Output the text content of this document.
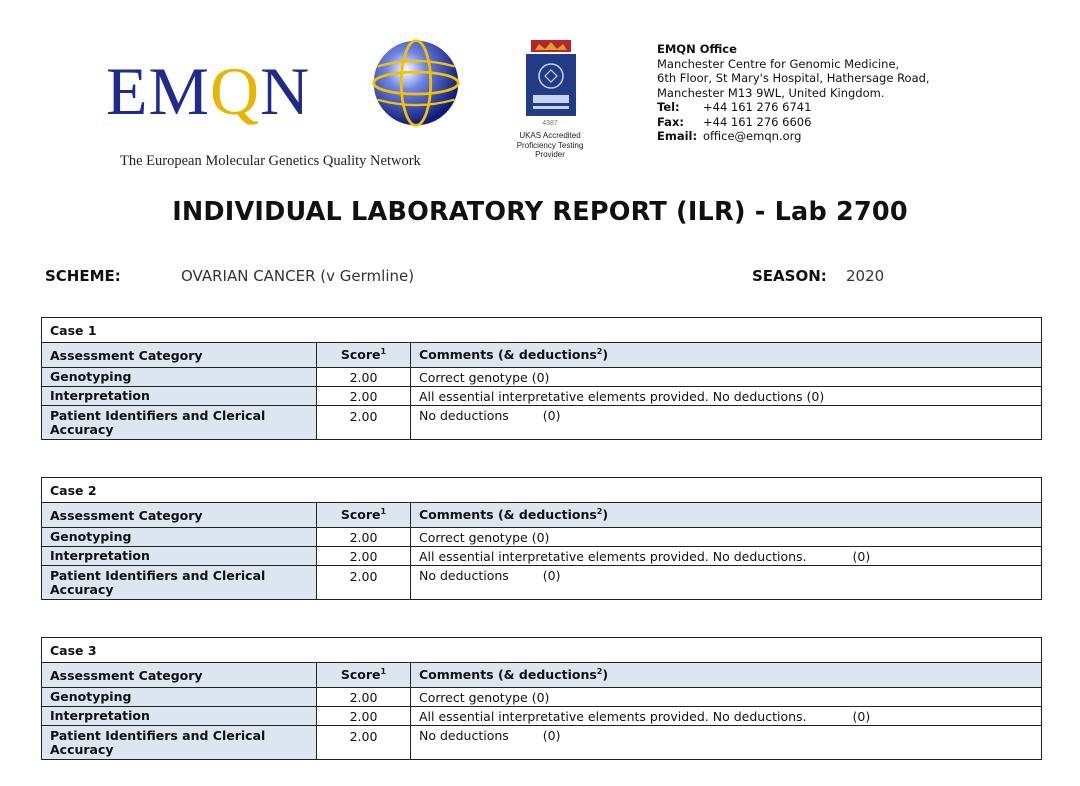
EMQN
The European Molecular Genetics Quality Network
4387
UKAS Accredited
Proficiency Testing
Provider
EMQN Office
Manchester Centre for Genomic Medicine,
6th Floor, St Mary's Hospital, Hathersage Road,
Manchester M13 9WL, United Kingdom.
Tel: +44 161 276 6741
Fax: +44 161 276 6606
Email: office@emqn.org
INDIVIDUAL LABORATORY REPORT (ILR) - Lab 2700
SCHEME:	OVARIAN CANCER (v Germline)	SEASON: 2020
Case 1		
Assessment Category	Score$^1$	Comments (& deductions$^2$)
Genotyping	2.00	Correct genotype (0)
Interpretation	2.00	All essential interpretative elements provided. No deductions (0)
Patient Identifiers and Clerical Accuracy	2.00	No deductions (0)
Case 2		
Assessment Category	Score$^1$	Comments (& deductions$^2$)
Genotyping	2.00	Correct genotype (0)
Interpretation	2.00	All essential interpretative elements provided. No deductions. (0)
Patient Identifiers and Clerical Accuracy	2.00	No deductions (0)
Case 3		
Assessment Category	Score$^1$	Comments (& deductions$^2$)
Genotyping	2.00	Correct genotype (0)
Interpretation	2.00	All essential interpretative elements provided. No deductions. (0)
Patient Identifiers and Clerical Accuracy	2.00	No deductions (0)
